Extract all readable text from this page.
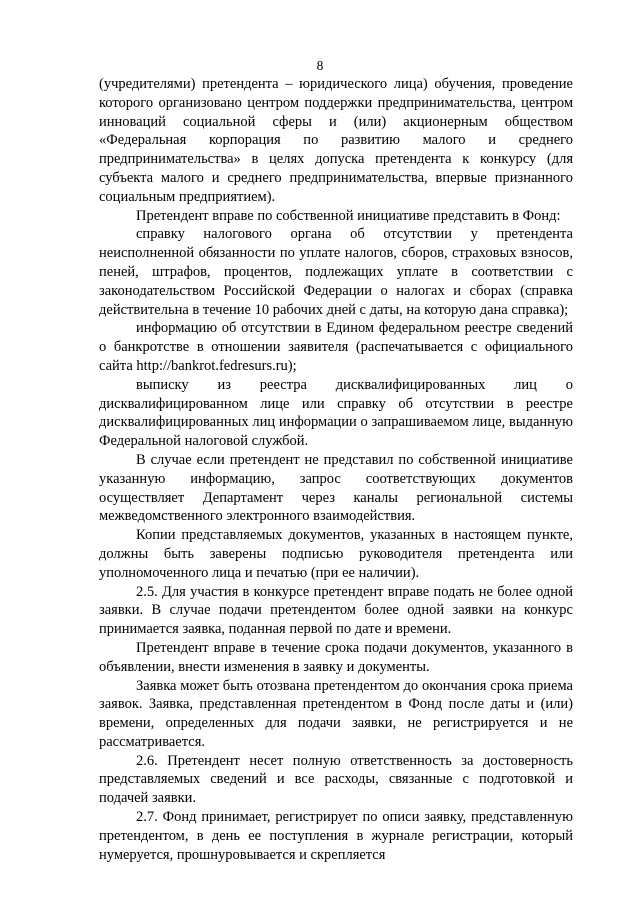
8

(учредителями) претендента – юридического лица) обучения, проведение которого организовано центром поддержки предпринимательства, центром инноваций социальной сферы и (или) акционерным обществом «Федеральная корпорация по развитию малого и среднего предпринимательства» в целях допуска претендента к конкурсу (для субъекта малого и среднего предпринимательства, впервые признанного социальным предприятием).

Претендент вправе по собственной инициативе представить в Фонд:

справку налогового органа об отсутствии у претендента неисполненной обязанности по уплате налогов, сборов, страховых взносов, пеней, штрафов, процентов, подлежащих уплате в соответствии с законодательством Российской Федерации о налогах и сборах (справка действительна в течение 10 рабочих дней с даты, на которую дана справка);

информацию об отсутствии в Едином федеральном реестре сведений о банкротстве в отношении заявителя (распечатывается с официального сайта http://bankrot.fedresurs.ru);

выписку из реестра дисквалифицированных лиц о дисквалифицированном лице или справку об отсутствии в реестре дисквалифицированных лиц информации о запрашиваемом лице, выданную Федеральной налоговой службой.

В случае если претендент не представил по собственной инициативе указанную информацию, запрос соответствующих документов осуществляет Департамент через каналы региональной системы межведомственного электронного взаимодействия.

Копии представляемых документов, указанных в настоящем пункте, должны быть заверены подписью руководителя претендента или уполномоченного лица и печатью (при ее наличии).

2.5. Для участия в конкурсе претендент вправе подать не более одной заявки. В случае подачи претендентом более одной заявки на конкурс принимается заявка, поданная первой по дате и времени.

Претендент вправе в течение срока подачи документов, указанного в объявлении, внести изменения в заявку и документы.

Заявка может быть отозвана претендентом до окончания срока приема заявок. Заявка, представленная претендентом в Фонд после даты и (или) времени, определенных для подачи заявки, не регистрируется и не рассматривается.

2.6. Претендент несет полную ответственность за достоверность представляемых сведений и все расходы, связанные с подготовкой и подачей заявки.

2.7. Фонд принимает, регистрирует по описи заявку, представленную претендентом, в день ее поступления в журнале регистрации, который нумеруется, прошнуровывается и скрепляется
